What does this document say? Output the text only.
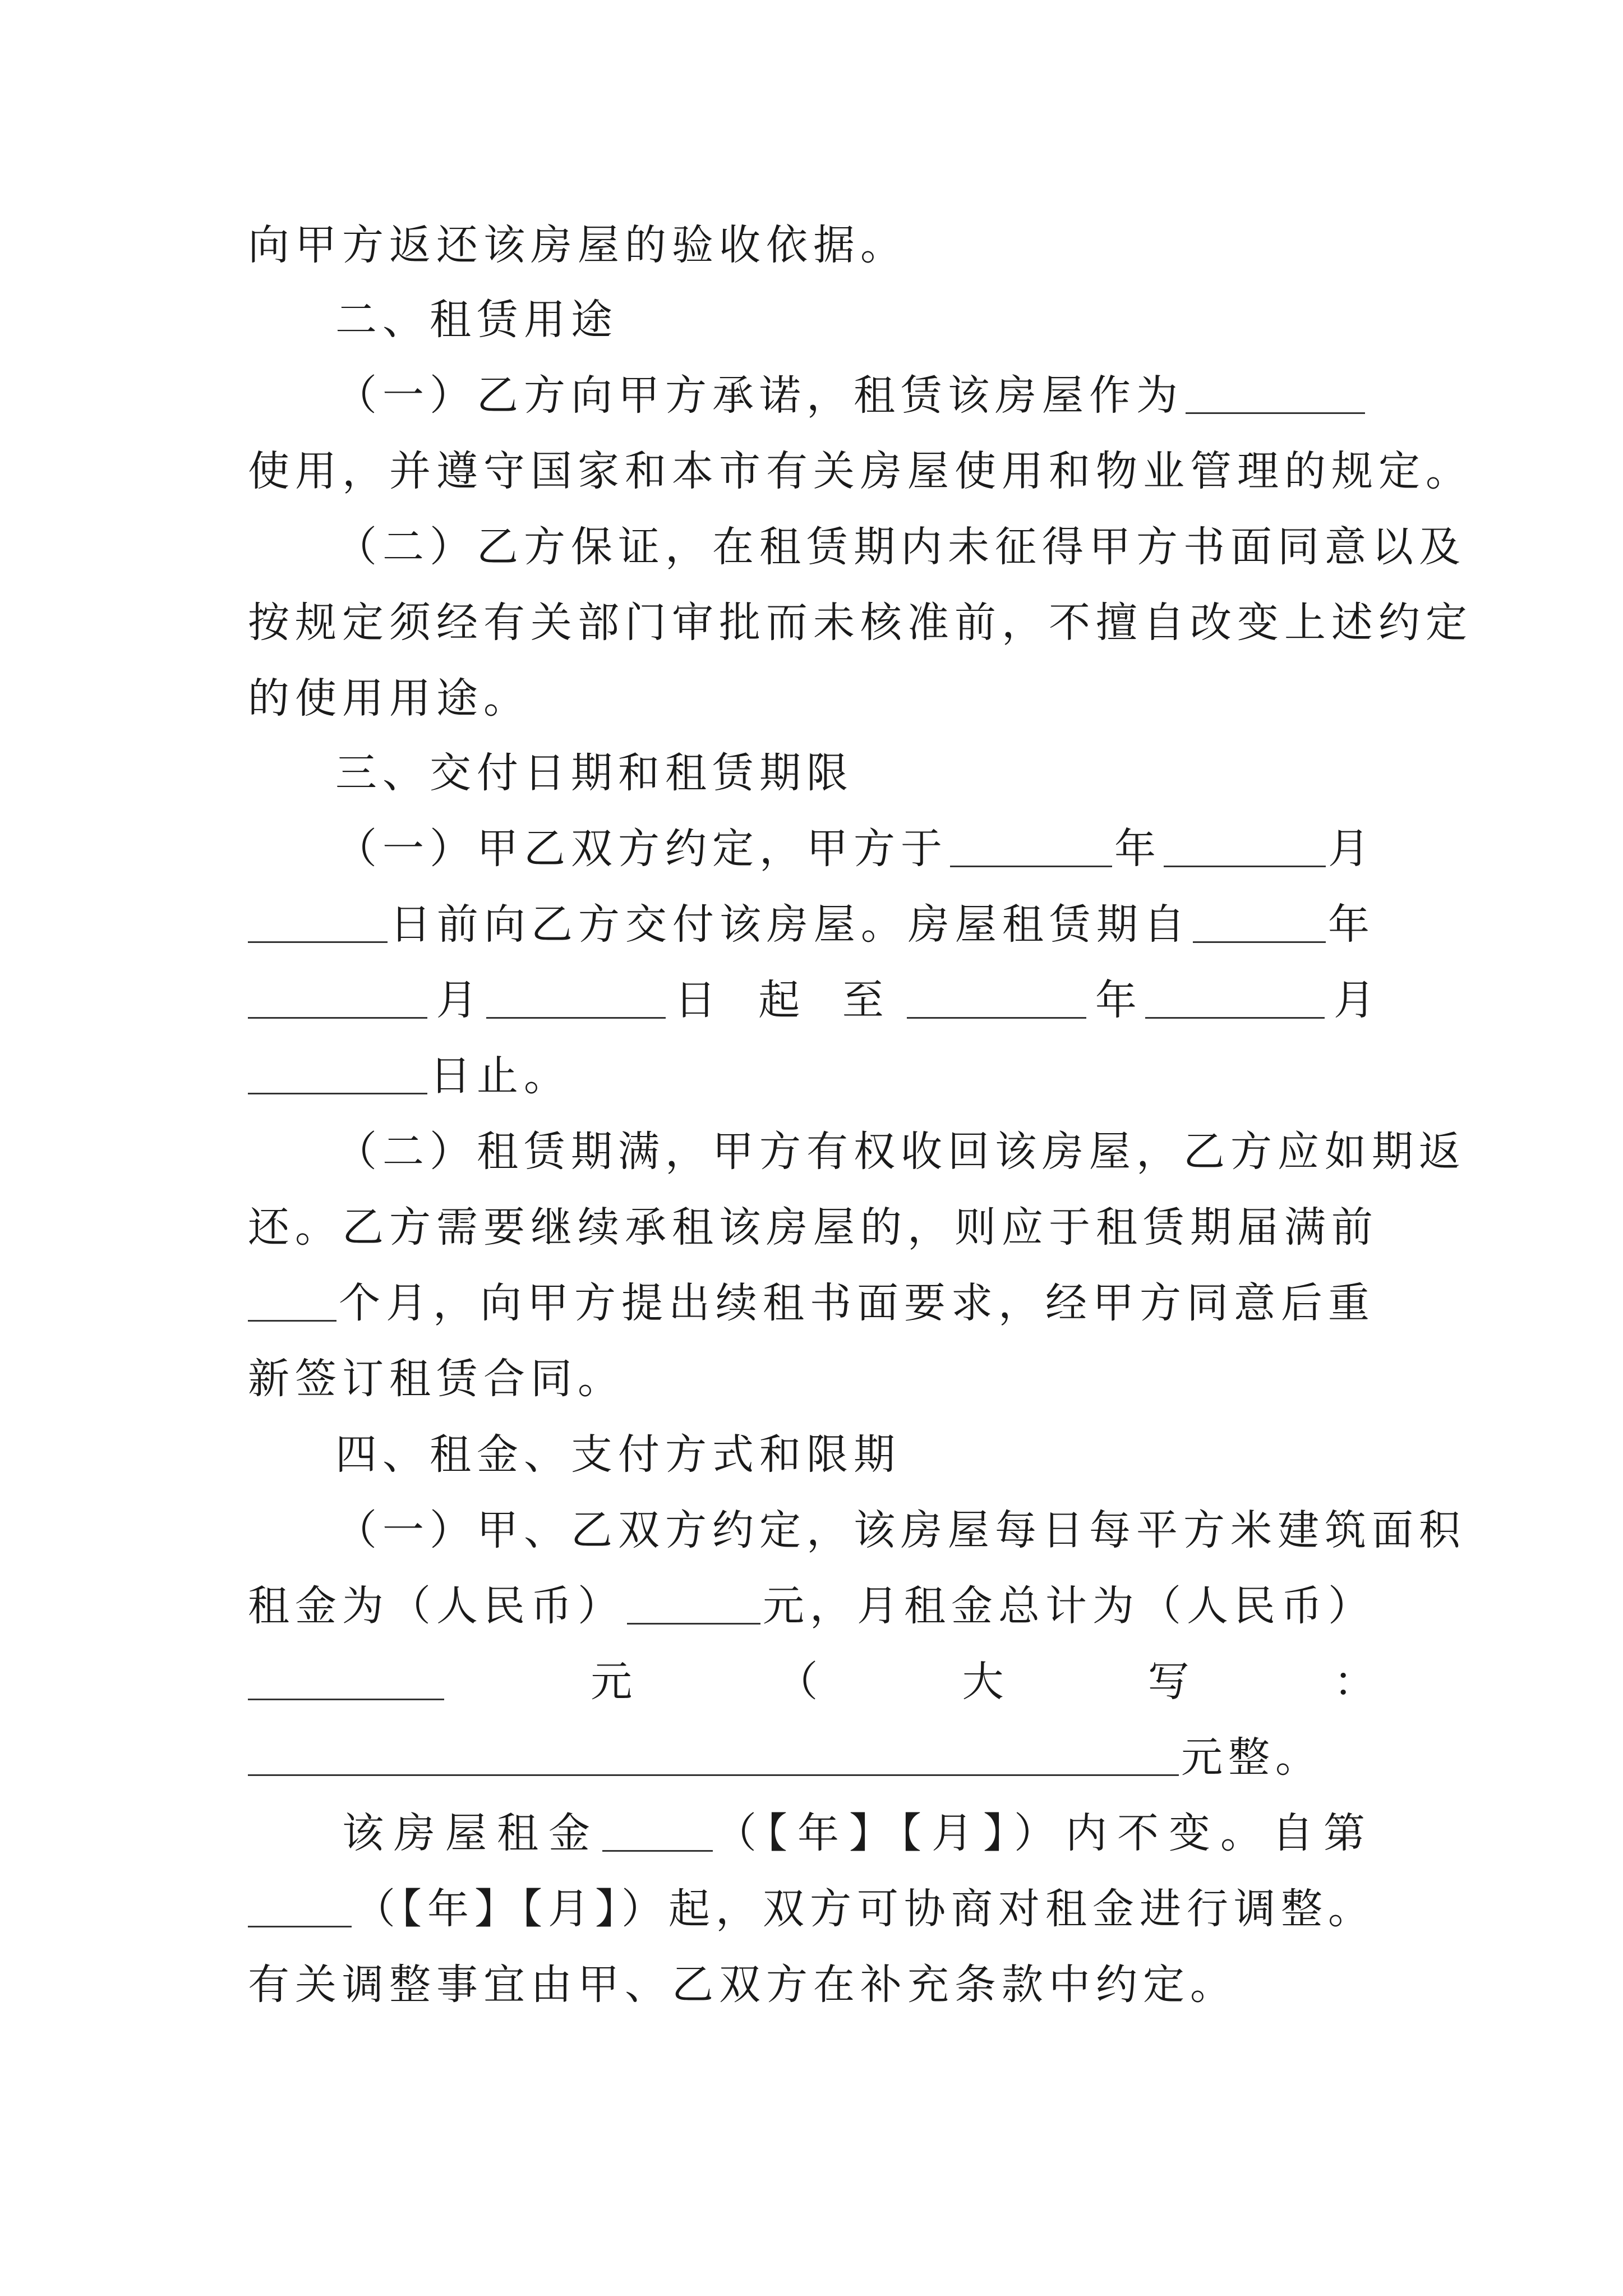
向甲方返还该房屋的验收依据。
二、租赁用途
（一）乙方向甲方承诺，租赁该房屋作为
使用，并遵守国家和本市有关房屋使用和物业管理的规定。
（二）乙方保证，在租赁期内未征得甲方书面同意以及
按规定须经有关部门审批而未核准前，不擅自改变上述约定
的使用用途。
三、交付日期和租赁期限
（一）甲乙双方约定，甲方于	年	月
日前向乙方交付该房屋。房屋租赁期自	年
月	日 起 至	年	月
日止。
（二）租赁期满，甲方有权收回该房屋，乙方应如期返
还。乙方需要继续承租该房屋的，则应于租赁期届满前
个月，向甲方提出续租书面要求，经甲方同意后重
新签订租赁合同。
四、租金、支付方式和限期
（一）甲、乙双方约定，该房屋每日每平方米建筑面积
租金为（人民币）	元，月租金总计为（人民币）
元	（	大	写	：
元整。
该房屋租金	（【年】【月】）内不变。自第
（【年】【月】）起，双方可协商对租金进行调整。
有关调整事宜由甲、乙双方在补充条款中约定。
